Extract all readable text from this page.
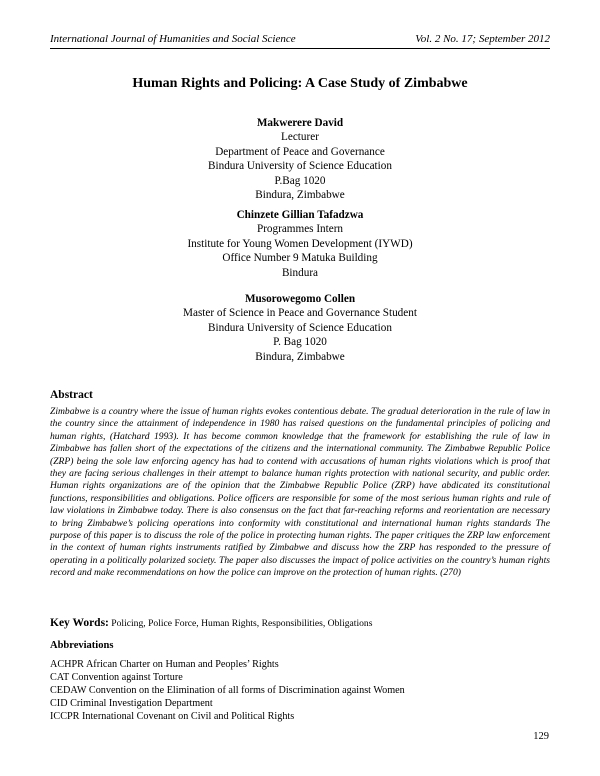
International Journal of Humanities and Social Science	Vol. 2 No. 17; September 2012
Human Rights and Policing: A Case Study of Zimbabwe
Makwerere David
Lecturer
Department of Peace and Governance
Bindura University of Science Education
P.Bag 1020
Bindura, Zimbabwe
Chinzete Gillian Tafadzwa
Programmes Intern
Institute for Young Women Development (IYWD)
Office Number 9 Matuka Building
Bindura
Musorowegomo Collen
Master of Science in Peace and Governance Student
Bindura University of Science Education
P. Bag 1020
Bindura, Zimbabwe
Abstract
Zimbabwe is a country where the issue of human rights evokes contentious debate. The gradual deterioration in the rule of law in the country since the attainment of independence in 1980 has raised questions on the fundamental principles of policing and human rights, (Hatchard 1993). It has become common knowledge that the framework for establishing the rule of law in Zimbabwe has fallen short of the expectations of the citizens and the international community. The Zimbabwe Republic Police (ZRP) being the sole law enforcing agency has had to contend with accusations of human rights violations which is proof that they are facing serious challenges in their attempt to balance human rights protection with national security, and public order. Human rights organizations are of the opinion that the Zimbabwe Republic Police (ZRP) have abdicated its constitutional functions, responsibilities and obligations. Police officers are responsible for some of the most serious human rights and rule of law violations in Zimbabwe today. There is also consensus on the fact that far-reaching reforms and reorientation are necessary to bring Zimbabwe’s policing operations into conformity with constitutional and international human rights standards The purpose of this paper is to discuss the role of the police in protecting human rights. The paper critiques the ZRP law enforcement in the context of human rights instruments ratified by Zimbabwe and discuss how the ZRP has responded to the pressure of operating in a politically polarized society. The paper also discusses the impact of police activities on the country’s human rights record and make recommendations on how the police can improve on the protection of human rights. (270)
Key Words: Policing, Police Force, Human Rights, Responsibilities, Obligations
Abbreviations
ACHPR African Charter on Human and Peoples’ Rights
CAT Convention against Torture
CEDAW Convention on the Elimination of all forms of Discrimination against Women
CID Criminal Investigation Department
ICCPR International Covenant on Civil and Political Rights
129
